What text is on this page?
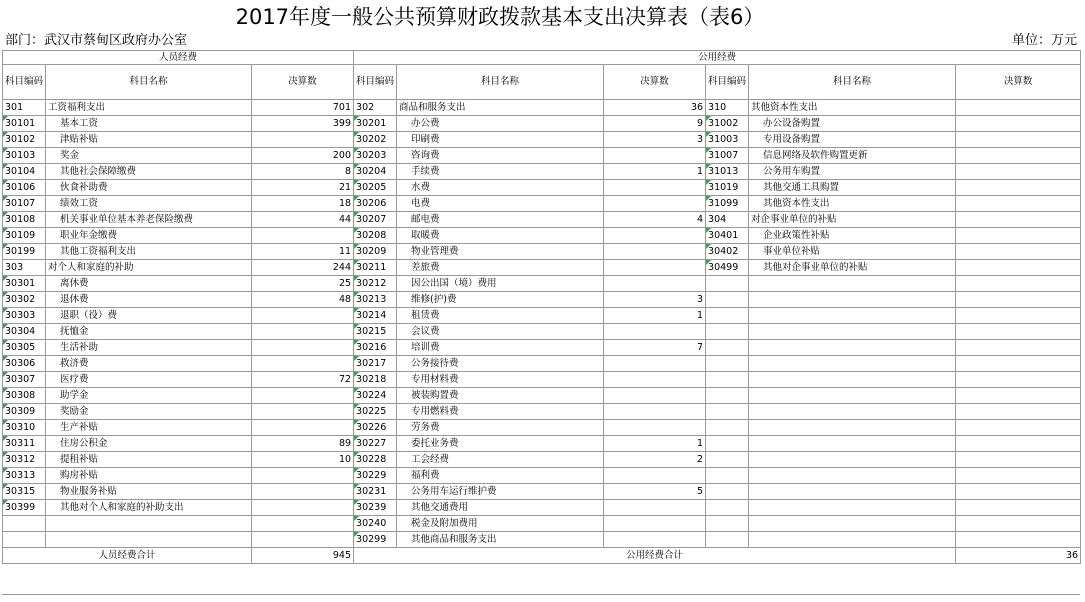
2017年度一般公共预算财政拨款基本支出决算表（表6）
部门：武汉市蔡甸区政府办公室	单位：万元
人员经费			公用经费					
科目编码	科目名称	决算数	科目编码	科目名称	决算数	科目编码	科目名称	决算数
301	工资福利支出	701	302	商品和服务支出	36	310	其他资本性支出	
30101	基本工资	399	30201	办公费	9	31002	办公设备购置	
30102	津贴补贴		30202	印刷费	3	31003	专用设备购置	
30103	奖金	200	30203	咨询费		31007	信息网络及软件购置更新	
30104	其他社会保障缴费	8	30204	手续费	1	31013	公务用车购置	
30106	伙食补助费	21	30205	水费		31019	其他交通工具购置	
30107	绩效工资	18	30206	电费		31099	其他资本性支出	
30108	机关事业单位基本养老保险缴费	44	30207	邮电费	4	304	对企事业单位的补贴	
30109	职业年金缴费		30208	取暖费		30401	企业政策性补贴	
30199	其他工资福利支出	11	30209	物业管理费		30402	事业单位补贴	
303	对个人和家庭的补助	244	30211	差旅费		30499	其他对企事业单位的补贴	
30301	离休费	25	30212	因公出国（境）费用				
30302	退休费	48	30213	维修(护)费	3			
30303	退职（役）费		30214	租赁费	1			
30304	抚恤金		30215	会议费				
30305	生活补助		30216	培训费	7			
30306	救济费		30217	公务接待费				
30307	医疗费	72	30218	专用材料费				
30308	助学金		30224	被装购置费				
30309	奖励金		30225	专用燃料费				
30310	生产补贴		30226	劳务费				
30311	住房公积金	89	30227	委托业务费	1			
30312	提租补贴	10	30228	工会经费	2			
30313	购房补贴		30229	福利费				
30315	物业服务补贴		30231	公务用车运行维护费	5			
30399	其他对个人和家庭的补助支出		30239	其他交通费用				
			30240	税金及附加费用				
			30299	其他商品和服务支出				
人员经费合计		945	公用经费合计					36
